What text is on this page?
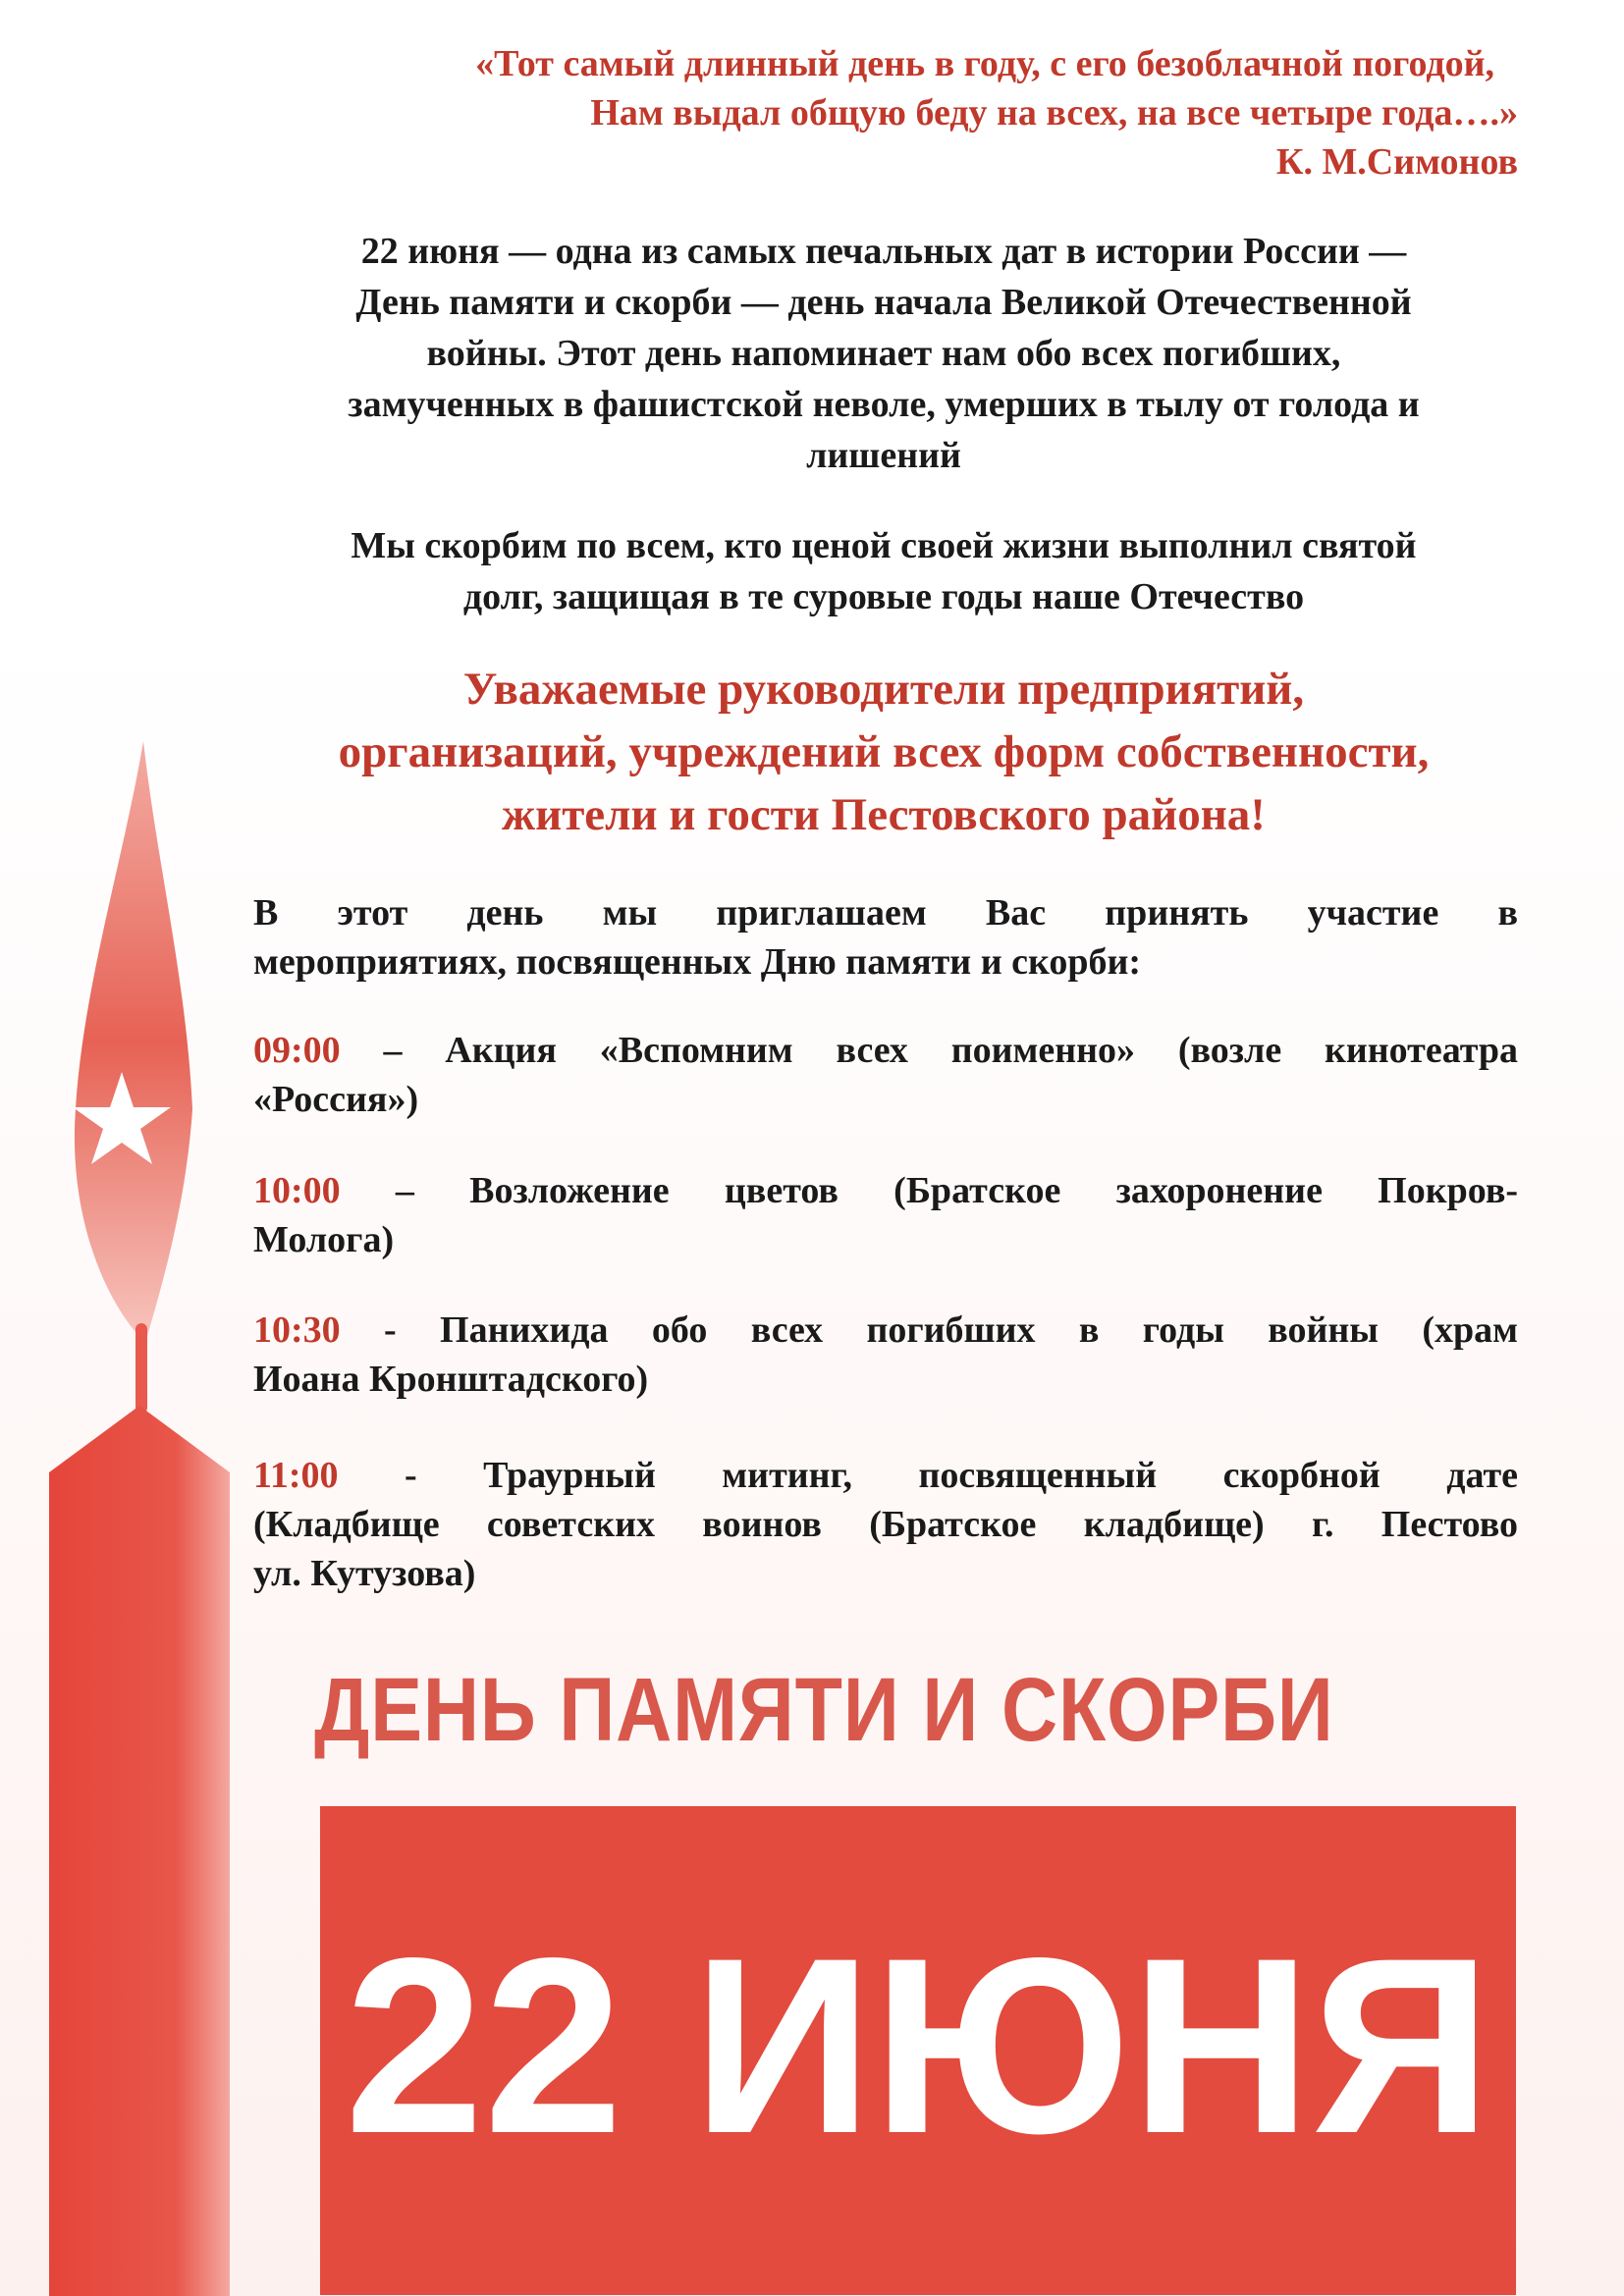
«Тот самый длинный день в году, с его безоблачной погодой,
Нам выдал общую беду на всех, на все четыре года….»
К. М.Симонов
22 июня — одна из самых печальных дат в истории России —
День памяти и скорби — день начала Великой Отечественной
войны. Этот день напоминает нам обо всех погибших,
замученных в фашистской неволе, умерших в тылу от голода и
лишений
Мы скорбим по всем, кто ценой своей жизни выполнил святой
долг, защищая в те суровые годы наше Отечество
Уважаемые руководители предприятий,
организаций, учреждений всех форм собственности,
жители и гости Пестовского района!
В этот день мы приглашаем Вас принять участие в
мероприятиях, посвященных Дню памяти и скорби:
09:00 – Акция «Вспомним всех поименно» (возле кинотеатра
«Россия»)
10:00 – Возложение цветов (Братское захоронение Покров-
Молога)
10:30 - Панихида обо всех погибших в годы войны (храм
Иоана Кронштадского)
11:00 - Траурный митинг, посвященный скорбной дате
(Кладбище советских воинов (Братское кладбище) г. Пестово
ул. Кутузова)
ДЕНЬ ПАМЯТИ И СКОРБИ
22 ИЮНЯ
